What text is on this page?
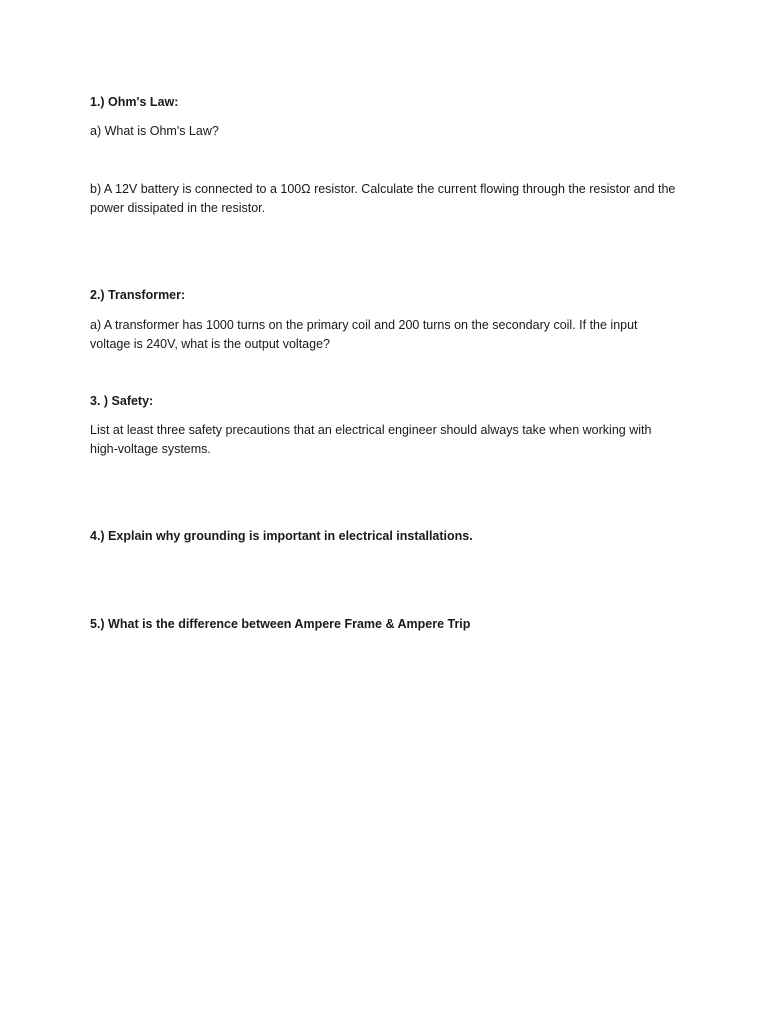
1.) Ohm's Law:

a) What is Ohm's Law?

b) A 12V battery is connected to a 100Ω resistor. Calculate the current flowing through the resistor and the power dissipated in the resistor.

2.) Transformer:

a) A transformer has 1000 turns on the primary coil and 200 turns on the secondary coil. If the input voltage is 240V, what is the output voltage?

3. ) Safety:

List at least three safety precautions that an electrical engineer should always take when working with high-voltage systems.

4.) Explain why grounding is important in electrical installations.

5.) What is the difference between Ampere Frame & Ampere Trip
